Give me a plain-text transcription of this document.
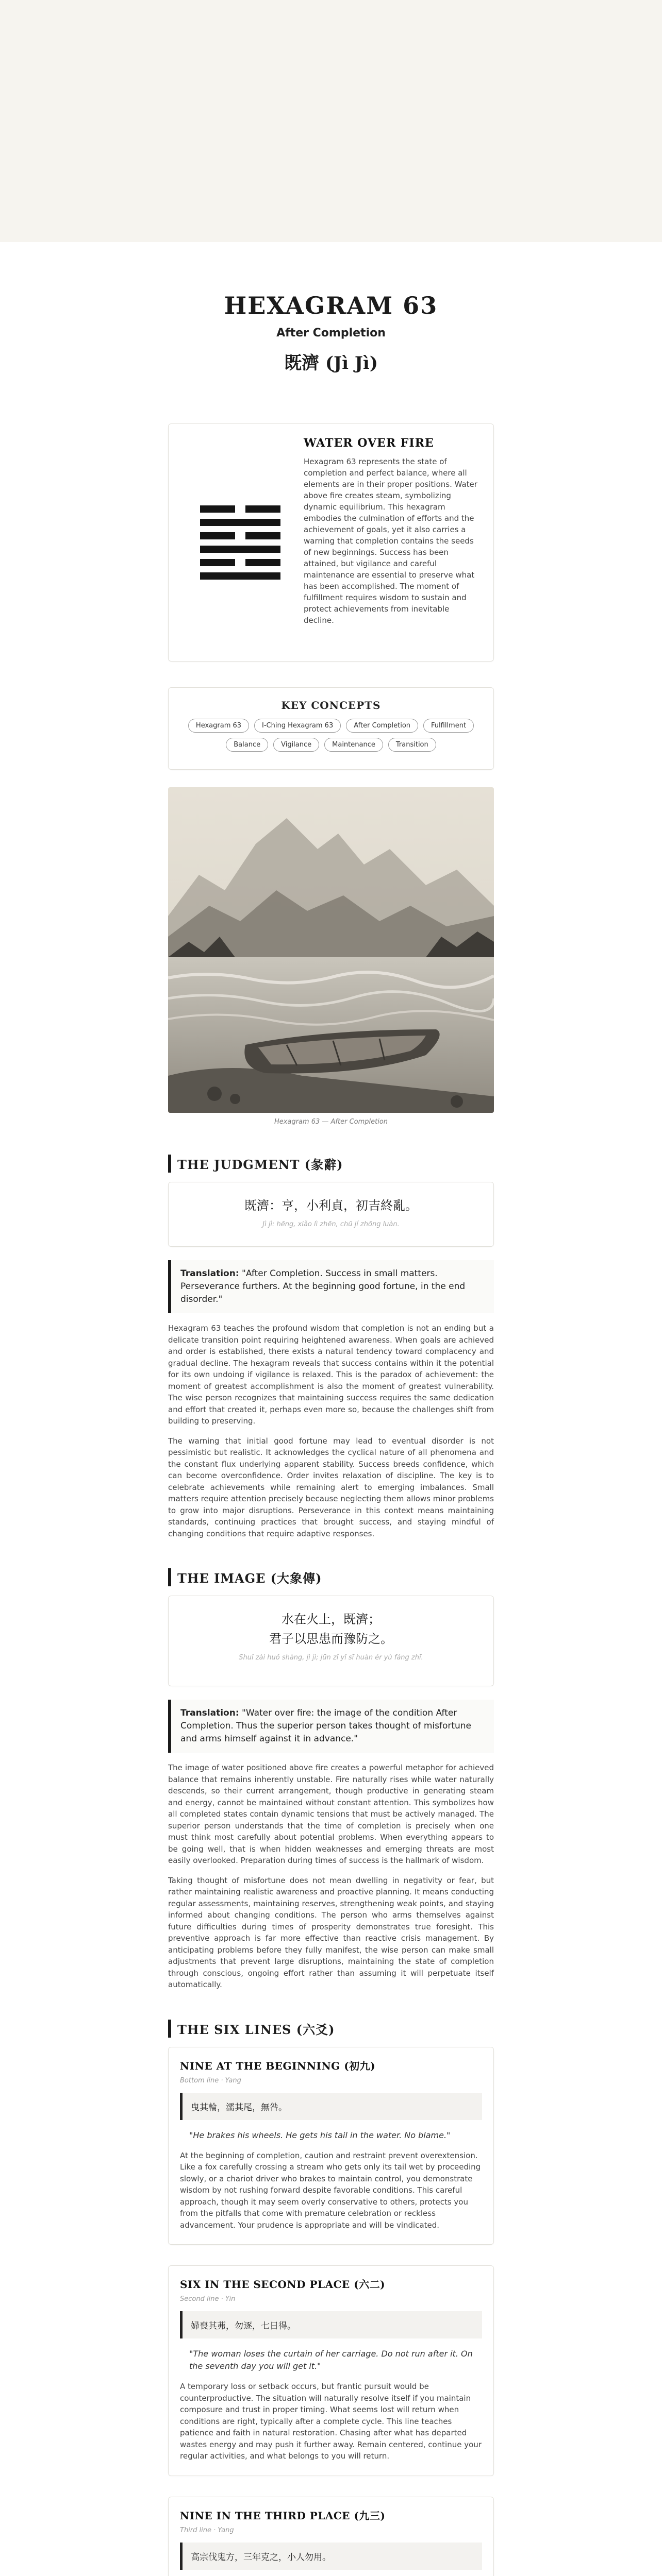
HEXAGRAM 63
After Completion
既濟 (Jì Jì)
WATER OVER FIRE

Hexagram 63 represents the state of completion and perfect balance, where all elements are in their proper positions. Water above fire creates steam, symbolizing dynamic equilibrium. This hexagram embodies the culmination of efforts and the achievement of goals, yet it also carries a warning that completion contains the seeds of new beginnings. Success has been attained, but vigilance and careful maintenance are essential to preserve what has been accomplished. The moment of fulfillment requires wisdom to sustain and protect achievements from inevitable decline.

KEY CONCEPTS
Hexagram 63	I-Ching Hexagram 63	After Completion	Fulfillment
Balance	Vigilance	Maintenance	Transition
Hexagram 63 — After Completion
THE JUDGMENT (彖辭)
既濟：亨，小利貞，初吉終亂。
Jì jì: hēng, xiǎo lì zhēn, chū jí zhōng luàn.
Translation: "After Completion. Success in small matters. Perseverance furthers. At the beginning good fortune, in the end disorder."

Hexagram 63 teaches the profound wisdom that completion is not an ending but a delicate transition point requiring heightened awareness. When goals are achieved and order is established, there exists a natural tendency toward complacency and gradual decline. The hexagram reveals that success contains within it the potential for its own undoing if vigilance is relaxed. This is the paradox of achievement: the moment of greatest accomplishment is also the moment of greatest vulnerability. The wise person recognizes that maintaining success requires the same dedication and effort that created it, perhaps even more so, because the challenges shift from building to preserving.

The warning that initial good fortune may lead to eventual disorder is not pessimistic but realistic. It acknowledges the cyclical nature of all phenomena and the constant flux underlying apparent stability. Success breeds confidence, which can become overconfidence. Order invites relaxation of discipline. The key is to celebrate achievements while remaining alert to emerging imbalances. Small matters require attention precisely because neglecting them allows minor problems to grow into major disruptions. Perseverance in this context means maintaining standards, continuing practices that brought success, and staying mindful of changing conditions that require adaptive responses.

THE IMAGE (大象傳)
水在火上，既濟；
君子以思患而豫防之。
Shuǐ zài huǒ shàng, jì jì; jūn zǐ yǐ sī huàn ér yù fáng zhī.
Translation: "Water over fire: the image of the condition After Completion. Thus the superior person takes thought of misfortune and arms himself against it in advance."

The image of water positioned above fire creates a powerful metaphor for achieved balance that remains inherently unstable. Fire naturally rises while water naturally descends, so their current arrangement, though productive in generating steam and energy, cannot be maintained without constant attention. This symbolizes how all completed states contain dynamic tensions that must be actively managed. The superior person understands that the time of completion is precisely when one must think most carefully about potential problems. When everything appears to be going well, that is when hidden weaknesses and emerging threats are most easily overlooked. Preparation during times of success is the hallmark of wisdom.

Taking thought of misfortune does not mean dwelling in negativity or fear, but rather maintaining realistic awareness and proactive planning. It means conducting regular assessments, maintaining reserves, strengthening weak points, and staying informed about changing conditions. The person who arms themselves against future difficulties during times of prosperity demonstrates true foresight. This preventive approach is far more effective than reactive crisis management. By anticipating problems before they fully manifest, the wise person can make small adjustments that prevent large disruptions, maintaining the state of completion through conscious, ongoing effort rather than assuming it will perpetuate itself automatically.

THE SIX LINES (六爻)
NINE AT THE BEGINNING (初九)
Bottom line · Yang
曳其輪，濡其尾，無咎。
"He brakes his wheels. He gets his tail in the water. No blame."

At the beginning of completion, caution and restraint prevent overextension. Like a fox carefully crossing a stream who gets only its tail wet by proceeding slowly, or a chariot driver who brakes to maintain control, you demonstrate wisdom by not rushing forward despite favorable conditions. This careful approach, though it may seem overly conservative to others, protects you from the pitfalls that come with premature celebration or reckless advancement. Your prudence is appropriate and will be vindicated.

SIX IN THE SECOND PLACE (六二)
Second line · Yin
婦喪其茀，勿逐，七日得。
"The woman loses the curtain of her carriage. Do not run after it. On the seventh day you will get it."

A temporary loss or setback occurs, but frantic pursuit would be counterproductive. The situation will naturally resolve itself if you maintain composure and trust in proper timing. What seems lost will return when conditions are right, typically after a complete cycle. This line teaches patience and faith in natural restoration. Chasing after what has departed wastes energy and may push it further away. Remain centered, continue your regular activities, and what belongs to you will return.

NINE IN THE THIRD PLACE (九三)
Third line · Yang
高宗伐鬼方，三年克之，小人勿用。
